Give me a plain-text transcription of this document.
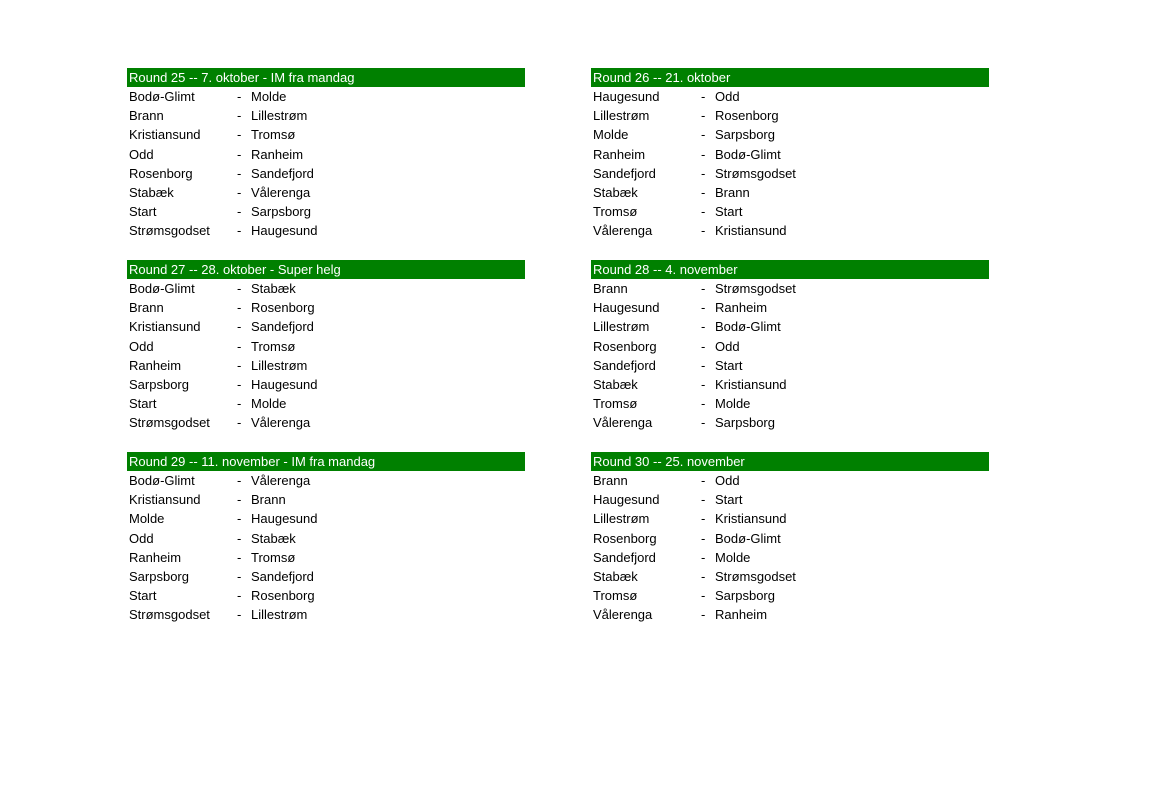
Round 25 -- 7. oktober - IM fra mandag
Bodø-Glimt	- Molde
Brann	- Lillestrøm
Kristiansund	- Tromsø
Odd	- Ranheim
Rosenborg	- Sandefjord
Stabæk	- Vålerenga
Start	- Sarpsborg
Strømsgodset - Haugesund
Round 26 -- 21. oktober
Haugesund	- Odd
Lillestrøm	- Rosenborg
Molde	- Sarpsborg
Ranheim	- Bodø-Glimt
Sandefjord	- Strømsgodset
Stabæk	- Brann
Tromsø	- Start
Vålerenga	- Kristiansund
Round 27 -- 28. oktober - Super helg
Bodø-Glimt	- Stabæk
Brann	- Rosenborg
Kristiansund	- Sandefjord
Odd	- Tromsø
Ranheim	- Lillestrøm
Sarpsborg	- Haugesund
Start	- Molde
Strømsgodset - Vålerenga
Round 28 -- 4. november
Brann	- Strømsgodset
Haugesund	- Ranheim
Lillestrøm	- Bodø-Glimt
Rosenborg	- Odd
Sandefjord	- Start
Stabæk	- Kristiansund
Tromsø	- Molde
Vålerenga	- Sarpsborg
Round 29 -- 11. november - IM fra mandag
Bodø-Glimt	- Vålerenga
Kristiansund	- Brann
Molde	- Haugesund
Odd	- Stabæk
Ranheim	- Tromsø
Sarpsborg	- Sandefjord
Start	- Rosenborg
Strømsgodset - Lillestrøm
Round 30 -- 25. november
Brann	- Odd
Haugesund	- Start
Lillestrøm	- Kristiansund
Rosenborg	- Bodø-Glimt
Sandefjord	- Molde
Stabæk	- Strømsgodset
Tromsø	- Sarpsborg
Vålerenga	- Ranheim
